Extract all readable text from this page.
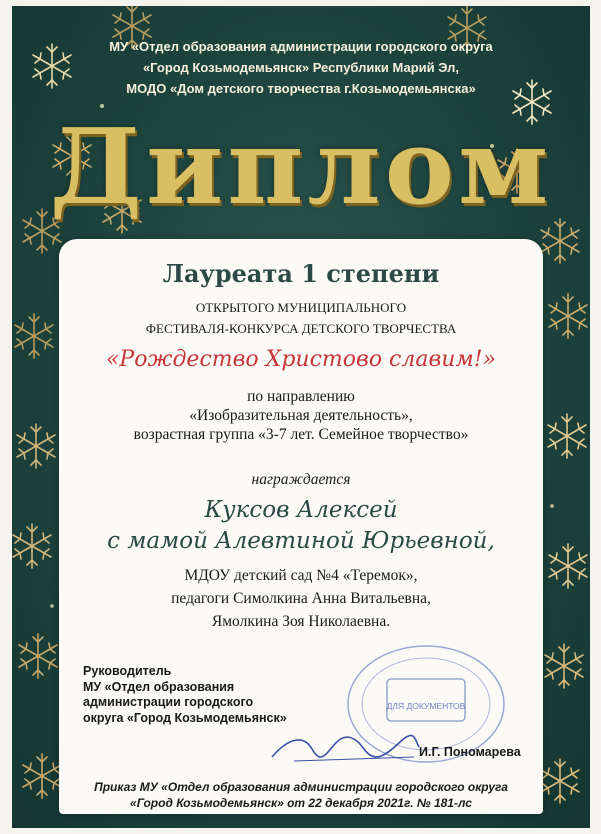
МУ «Отдел образования администрации городского округа
«Город Козьмодемьянск» Республики Марий Эл,
МОДО «Дом детского творчества г.Козьмодемьянска»
Диплом
Лауреата 1 степени
ОТКРЫТОГО МУНИЦИПАЛЬНОГО
ФЕСТИВАЛЯ-КОНКУРСА ДЕТСКОГО ТВОРЧЕСТВА
«Рождество Христово славим!»
по направлению
«Изобразительная деятельность»,
возрастная группа «3-7 лет. Семейное творчество»
награждается
Куксов Алексей
с мамой Алевтиной Юрьевной,
МДОУ детский сад №4 «Теремок»,
педагоги Симолкина Анна Витальевна,
Ямолкина Зоя Николаевна.
ДЛЯ ДОКУМЕНТОВ
Руководитель
МУ «Отдел образования
администрации городского
округа «Город Козьмодемьянск»
И.Г. Пономарева
Приказ МУ «Отдел образования администрации городского округа
«Город Козьмодемьянск» от 22 декабря 2021г. № 181-лс
